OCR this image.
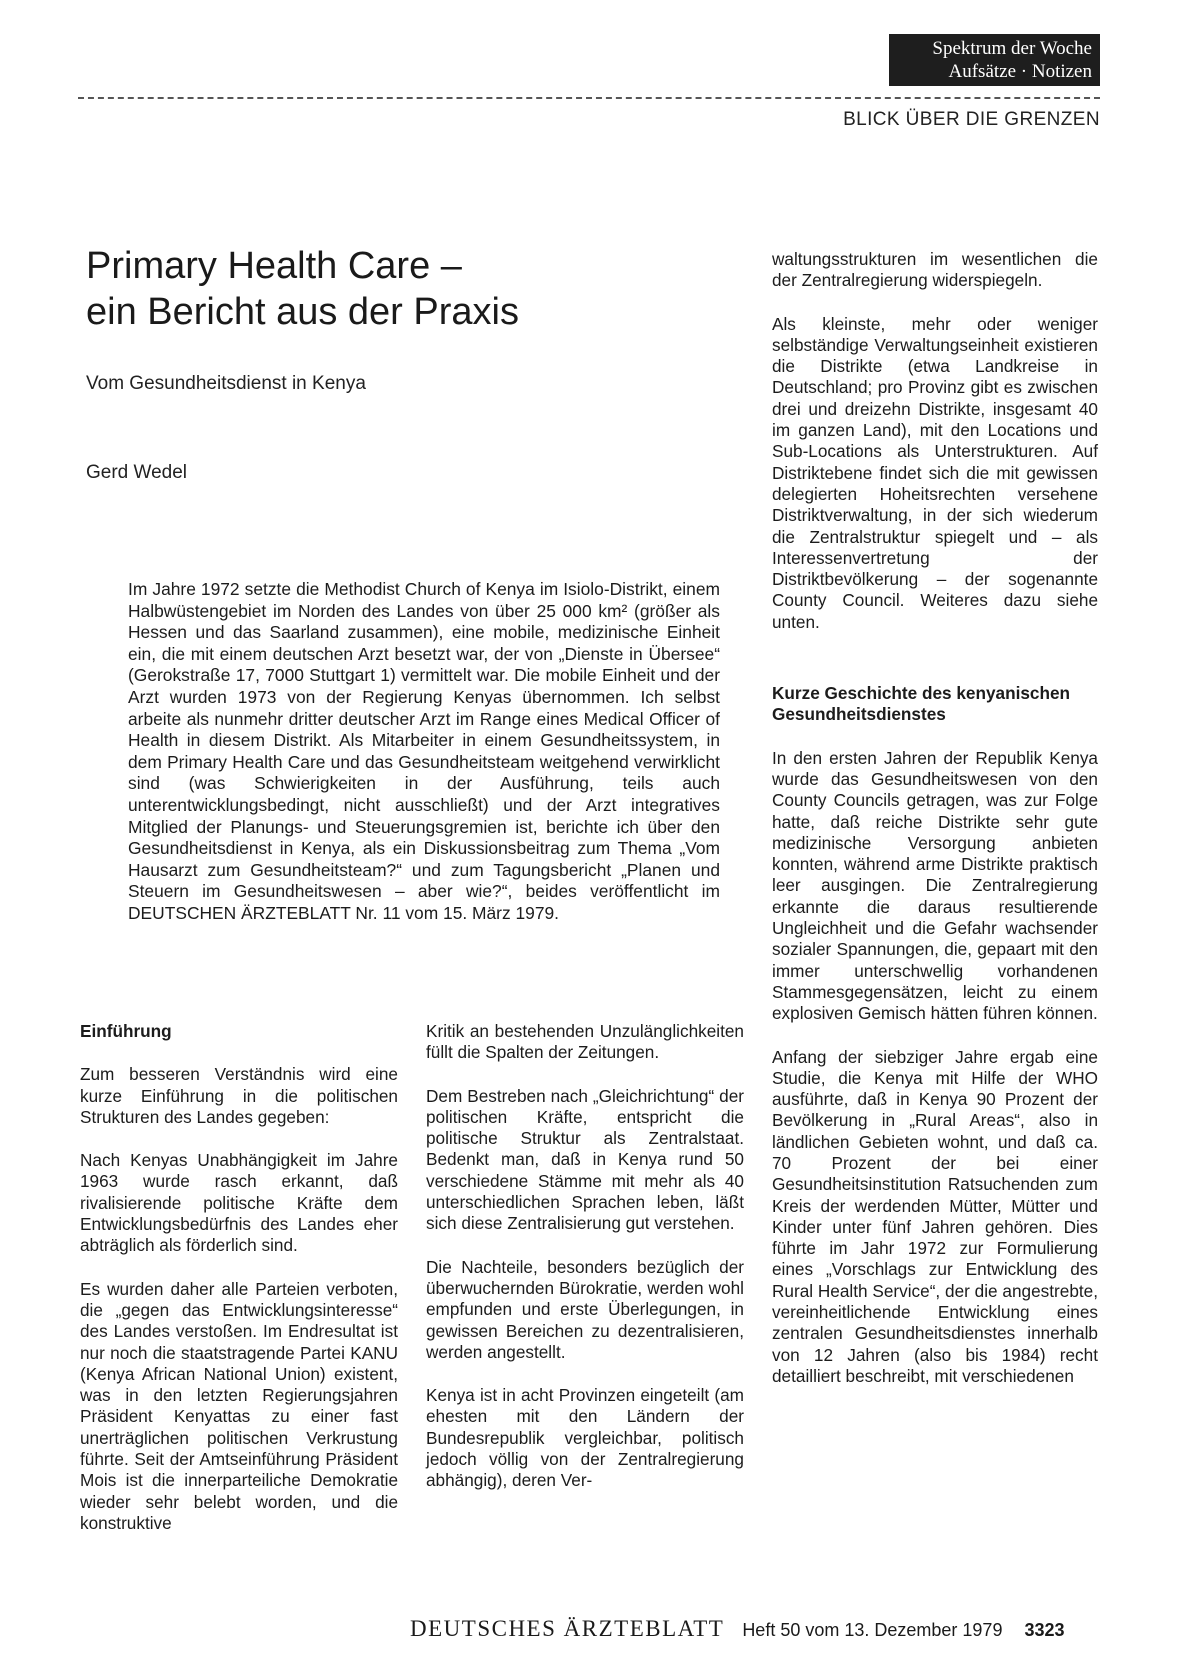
Spektrum der Woche
Aufsätze · Notizen
BLICK ÜBER DIE GRENZEN
Primary Health Care –
ein Bericht aus der Praxis
Vom Gesundheitsdienst in Kenya
Gerd Wedel
Im Jahre 1972 setzte die Methodist Church of Kenya im Isiolo-Distrikt, einem Halbwüstengebiet im Norden des Landes von über 25 000 km² (größer als Hessen und das Saarland zusammen), eine mobile, medizinische Einheit ein, die mit einem deutschen Arzt besetzt war, der von „Dienste in Übersee“ (Gerokstraße 17, 7000 Stuttgart 1) vermittelt war. Die mobile Einheit und der Arzt wurden 1973 von der Regierung Kenyas übernommen. Ich selbst arbeite als nunmehr dritter deutscher Arzt im Range eines Medical Officer of Health in diesem Distrikt. Als Mitarbeiter in einem Gesundheitssystem, in dem Primary Health Care und das Gesundheitsteam weitgehend verwirklicht sind (was Schwierigkeiten in der Ausführung, teils auch unterentwicklungsbedingt, nicht ausschließt) und der Arzt integratives Mitglied der Planungs- und Steuerungsgremien ist, berichte ich über den Gesundheitsdienst in Kenya, als ein Diskussionsbeitrag zum Thema „Vom Hausarzt zum Gesundheitsteam?“ und zum Tagungsbericht „Planen und Steuern im Gesundheitswesen – aber wie?“, beides veröffentlicht im DEUTSCHEN ÄRZTEBLATT Nr. 11 vom 15. März 1979.
Einführung

Zum besseren Verständnis wird eine kurze Einführung in die politischen Strukturen des Landes gegeben:

Nach Kenyas Unabhängigkeit im Jahre 1963 wurde rasch erkannt, daß rivalisierende politische Kräfte dem Entwicklungsbedürfnis des Landes eher abträglich als förderlich sind.

Es wurden daher alle Parteien verboten, die „gegen das Entwicklungsinteresse“ des Landes verstoßen. Im Endresultat ist nur noch die staatstragende Partei KANU (Kenya African National Union) existent, was in den letzten Regierungsjahren Präsident Kenyattas zu einer fast unerträglichen politischen Verkrustung führte. Seit der Amtseinführung Präsident Mois ist die innerparteiliche Demokratie wieder sehr belebt worden, und die konstruktive

Kritik an bestehenden Unzulänglichkeiten füllt die Spalten der Zeitungen.

Dem Bestreben nach „Gleichrichtung“ der politischen Kräfte, entspricht die politische Struktur als Zentralstaat. Bedenkt man, daß in Kenya rund 50 verschiedene Stämme mit mehr als 40 unterschiedlichen Sprachen leben, läßt sich diese Zentralisierung gut verstehen.

Die Nachteile, besonders bezüglich der überwuchernden Bürokratie, werden wohl empfunden und erste Überlegungen, in gewissen Bereichen zu dezentralisieren, werden angestellt.

Kenya ist in acht Provinzen eingeteilt (am ehesten mit den Ländern der Bundesrepublik vergleichbar, politisch jedoch völlig von der Zentralregierung abhängig), deren Ver-

waltungsstrukturen im wesentlichen die der Zentralregierung widerspiegeln.

Als kleinste, mehr oder weniger selbständige Verwaltungseinheit existieren die Distrikte (etwa Landkreise in Deutschland; pro Provinz gibt es zwischen drei und dreizehn Distrikte, insgesamt 40 im ganzen Land), mit den Locations und Sub-Locations als Unterstrukturen. Auf Distriktebene findet sich die mit gewissen delegierten Hoheitsrechten versehene Distriktverwaltung, in der sich wiederum die Zentralstruktur spiegelt und – als Interessenvertretung der Distriktbevölkerung – der sogenannte County Council. Weiteres dazu siehe unten.

Kurze Geschichte des kenyanischen Gesundheitsdienstes

In den ersten Jahren der Republik Kenya wurde das Gesundheitswesen von den County Councils getragen, was zur Folge hatte, daß reiche Distrikte sehr gute medizinische Versorgung anbieten konnten, während arme Distrikte praktisch leer ausgingen. Die Zentralregierung erkannte die daraus resultierende Ungleichheit und die Gefahr wachsender sozialer Spannungen, die, gepaart mit den immer unterschwellig vorhandenen Stammesgegensätzen, leicht zu einem explosiven Gemisch hätten führen können.

Anfang der siebziger Jahre ergab eine Studie, die Kenya mit Hilfe der WHO ausführte, daß in Kenya 90 Prozent der Bevölkerung in „Rural Areas“, also in ländlichen Gebieten wohnt, und daß ca. 70 Prozent der bei einer Gesundheitsinstitution Ratsuchenden zum Kreis der werdenden Mütter, Mütter und Kinder unter fünf Jahren gehören. Dies führte im Jahr 1972 zur Formulierung eines „Vorschlags zur Entwicklung des Rural Health Service“, der die angestrebte, vereinheitlichende Entwicklung eines zentralen Gesundheitsdienstes innerhalb von 12 Jahren (also bis 1984) recht detailliert beschreibt, mit verschiedenen

DEUTSCHES ÄRZTEBLATT Heft 50 vom 13. Dezember 1979 3323
